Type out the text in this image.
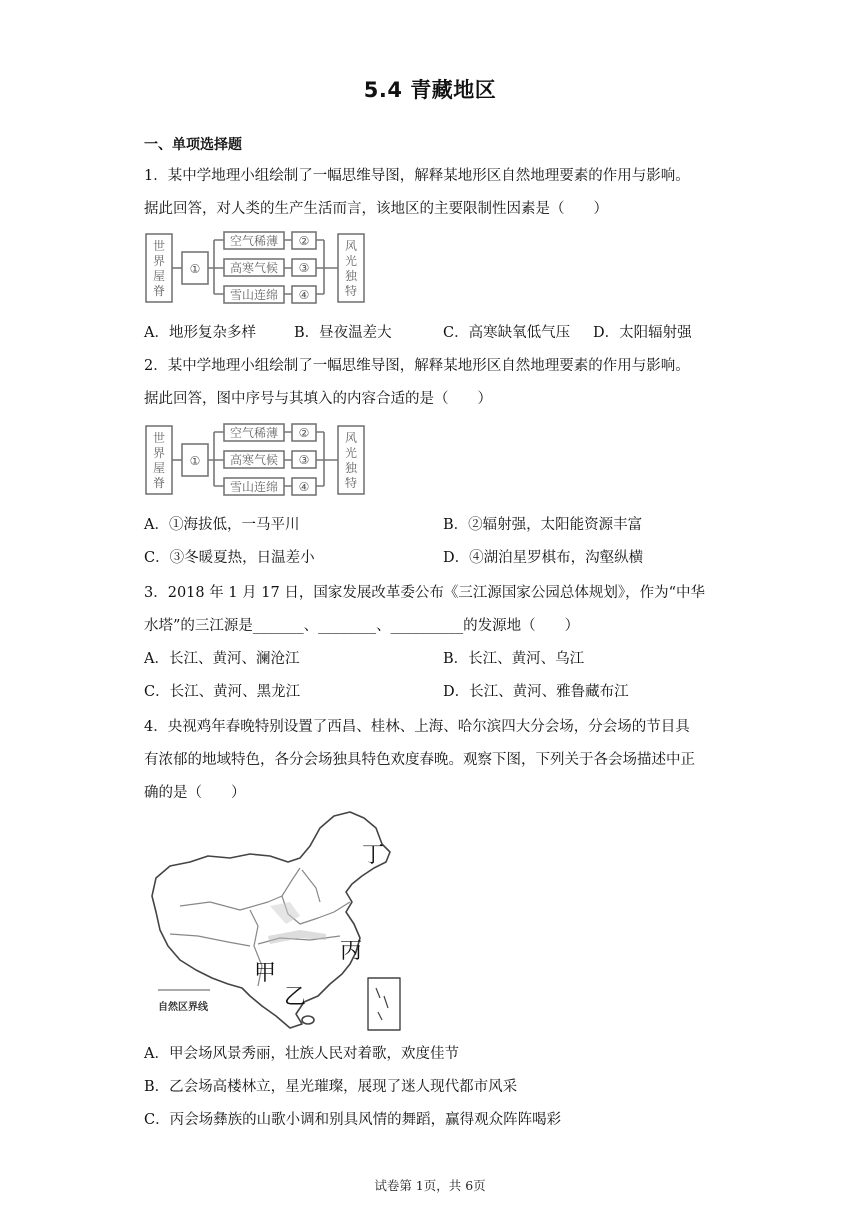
5.4 青藏地区
一、单项选择题
1．某中学地理小组绘制了一幅思维导图，解释某地形区自然地理要素的作用与影响。
据此回答，对人类的生产生活而言，该地区的主要限制性因素是（　　）
世
界
屋
脊
①
空气稀薄
高寒气候
雪山连绵
②
③
④
风
光
独
特
A．地形复杂多样	B．昼夜温差大	C．高寒缺氧低气压 D．太阳辐射强
2．某中学地理小组绘制了一幅思维导图，解释某地形区自然地理要素的作用与影响。
据此回答，图中序号与其填入的内容合适的是（　　）
世
界
屋
脊
①
空气稀薄
高寒气候
雪山连绵
②
③
④
风
光
独
特
A．①海拔低，一马平川	B．②辐射强，太阳能资源丰富
C．③冬暖夏热，日温差小	D．④湖泊星罗棋布，沟壑纵横
3．2018 年 1 月 17 日，国家发展改革委公布《三江源国家公园总体规划》，作为“中华
水塔”的三江源是_______、________、__________的发源地（　　）
A．长江、黄河、澜沧江	B．长江、黄河、乌江
C．长江、黄河、黑龙江	D．长江、黄河、雅鲁藏布江
4．央视鸡年春晚特别设置了西昌、桂林、上海、哈尔滨四大分会场，分会场的节目具
有浓郁的地域特色，各分会场独具特色欢度春晚。观察下图，下列关于各会场描述中正
确的是（　　）
丁
丙
甲
乙
自然区界线
A．甲会场风景秀丽，壮族人民对着歌，欢度佳节
B．乙会场高楼林立，星光璀璨，展现了迷人现代都市风采
C．丙会场彝族的山歌小调和别具风情的舞蹈，赢得观众阵阵喝彩
试卷第 1页，共 6页
